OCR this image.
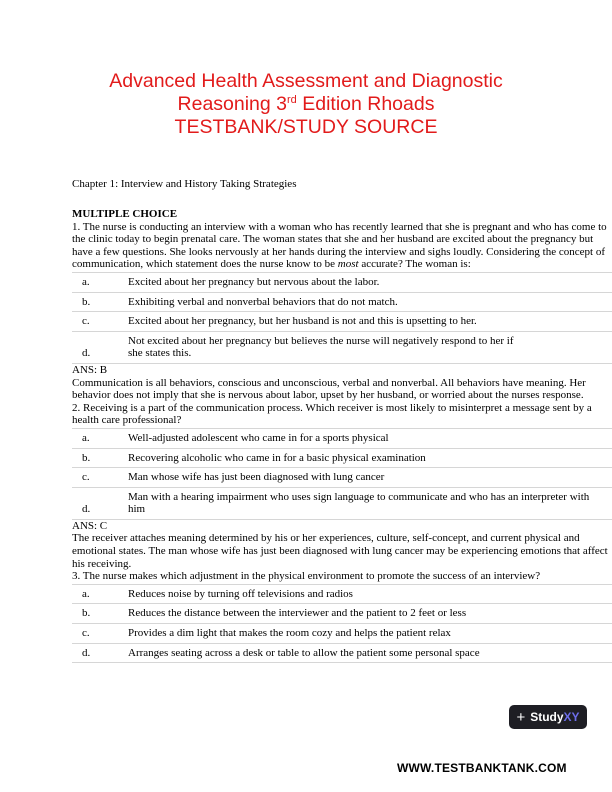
Advanced Health Assessment and Diagnostic
Reasoning 3rd Edition Rhoads
TESTBANK/STUDY SOURCE
Chapter 1: Interview and History Taking Strategies

MULTIPLE CHOICE

1. The nurse is conducting an interview with a woman who has recently learned that she is pregnant and who has come to the clinic today to begin prenatal care. The woman states that she and her husband are excited about the pregnancy but have a few questions. She looks nervously at her hands during the interview and sighs loudly. Considering the concept of communication, which statement does the nurse know to be most accurate? The woman is:

a.	Excited about her pregnancy but nervous about the labor.
b.	Exhibiting verbal and nonverbal behaviors that do not match.
c.	Excited about her pregnancy, but her husband is not and this is upsetting to her.
d.	Not excited about her pregnancy but believes the nurse will negatively respond to her if she states this.

ANS: B

Communication is all behaviors, conscious and unconscious, verbal and nonverbal. All behaviors have meaning. Her behavior does not imply that she is nervous about labor, upset by her husband, or worried about the nurses response.

2. Receiving is a part of the communication process. Which receiver is most likely to misinterpret a message sent by a health care professional?

a.	Well-adjusted adolescent who came in for a sports physical
b.	Recovering alcoholic who came in for a basic physical examination
c.	Man whose wife has just been diagnosed with lung cancer
d.	Man with a hearing impairment who uses sign language to communicate and who has an interpreter with him

ANS: C

The receiver attaches meaning determined by his or her experiences, culture, self-concept, and current physical and emotional states. The man whose wife has just been diagnosed with lung cancer may be experiencing emotions that affect his receiving.

3. The nurse makes which adjustment in the physical environment to promote the success of an interview?

a.	Reduces noise by turning off televisions and radios
b.	Reduces the distance between the interviewer and the patient to 2 feet or less
c.	Provides a dim light that makes the room cozy and helps the patient relax
d.	Arranges seating across a desk or table to allow the patient some personal space
+ StudyXY
WWW.TESTBANKTANK.COM
